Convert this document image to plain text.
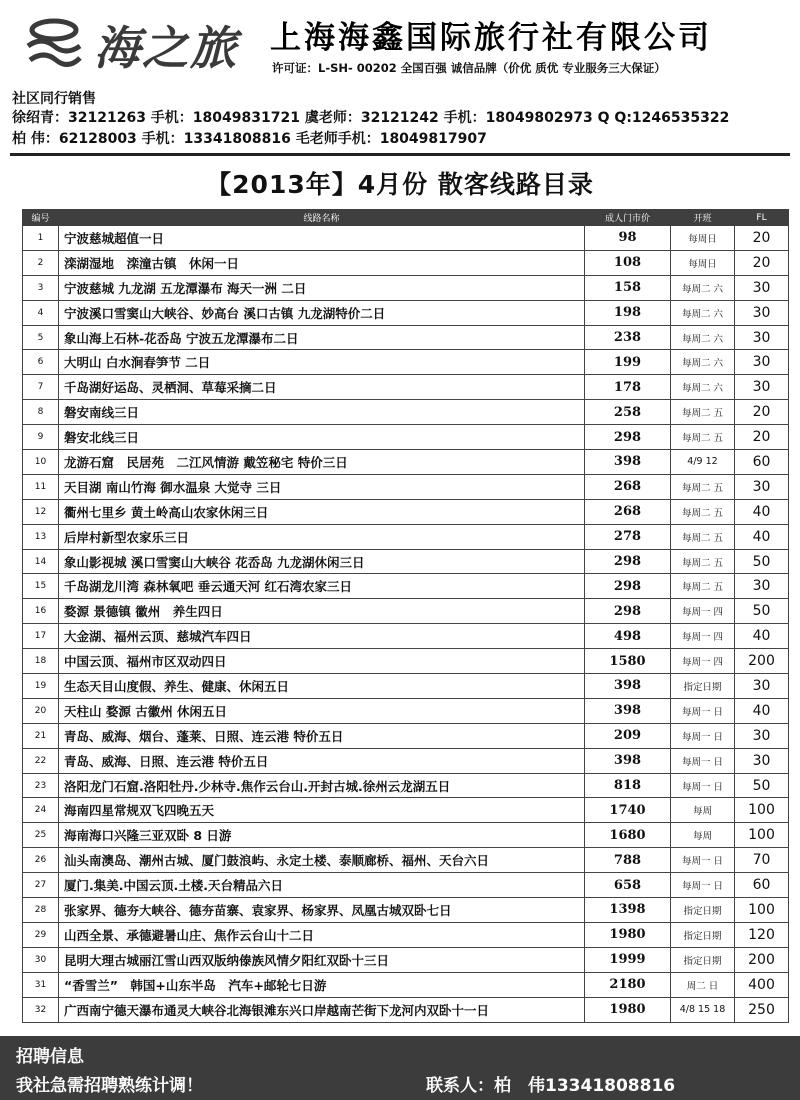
海之旅 上海海鑫国际旅行社有限公司
许可证：L-SH- 00202 全国百强 诚信品牌（价优 质优 专业服务三大保证）
社区同行销售
徐绍青：32121263 手机：18049831721 虞老师：32121242 手机：18049802973 Q Q:1246535322
柏 伟：62128003 手机：13341808816 毛老师手机：18049817907
【2013年】4月份 散客线路目录
编号	线路名称	成人门市价	开班	FL
1	宁波慈城超值一日	98	每周日	20
2	滦湖湿地　滦潼古镇　休闲一日	108	每周日	20
3	宁波慈城 九龙湖 五龙潭瀑布 海天一洲 二日	158	每周二 六	30
4	宁波溪口雪窦山大峡谷、妙高台 溪口古镇 九龙湖特价二日	198	每周二 六	30
5	象山海上石林-花岙岛 宁波五龙潭瀑布二日	238	每周二 六	30
6	大明山 白水涧春笋节 二日	199	每周二 六	30
7	千岛湖好运岛、灵栖洞、草莓采摘二日	178	每周二 六	30
8	磐安南线三日	258	每周二 五	20
9	磐安北线三日	298	每周二 五	20
10	龙游石窟　民居苑　二江风情游 戴笠秘宅 特价三日	398	4/9 12	60
11	天目湖 南山竹海 御水温泉 大觉寺 三日	268	每周二 五	30
12	衢州七里乡 黄土岭高山农家休闲三日	268	每周二 五	40
13	后岸村新型农家乐三日	278	每周二 五	40
14	象山影视城 溪口雪窦山大峡谷 花岙岛 九龙湖休闲三日	298	每周二 五	50
15	千岛湖龙川湾 森林氧吧 垂云通天河 红石湾农家三日	298	每周二 五	30
16	婺源 景德镇 徽州　养生四日	298	每周一 四	50
17	大金湖、福州云顶、慈城汽车四日	498	每周一 四	40
18	中国云顶、福州市区双动四日	1580	每周一 四	200
19	生态天目山度假、养生、健康、休闲五日	398	指定日期	30
20	天柱山 婺源 古徽州 休闲五日	398	每周一 日	40
21	青岛、威海、烟台、蓬莱、日照、连云港 特价五日	209	每周一 日	30
22	青岛、威海、日照、连云港 特价五日	398	每周一 日	30
23	洛阳龙门石窟.洛阳牡丹.少林寺.焦作云台山.开封古城.徐州云龙湖五日	818	每周一 日	50
24	海南四星常规双飞四晚五天	1740	每周	100
25	海南海口兴隆三亚双卧 8 日游	1680	每周	100
26	汕头南澳岛、潮州古城、厦门鼓浪屿、永定土楼、泰顺廊桥、福州、天台六日	788	每周一 日	70
27	厦门.集美.中国云顶.土楼.天台精品六日	658	每周一 日	60
28	张家界、德夯大峡谷、德夯苗寨、袁家界、杨家界、凤凰古城双卧七日	1398	指定日期	100
29	山西全景、承德避暑山庄、焦作云台山十二日	1980	指定日期	120
30	昆明大理古城丽江雪山西双版纳傣族风情夕阳红双卧十三日	1999	指定日期	200
31	“香雪兰”　韩国+山东半岛　汽车+邮轮七日游	2180	周二 日	400
32	广西南宁德天瀑布通灵大峡谷北海银滩东兴口岸越南芒街下龙河内双卧十一日	1980	4/8 15 18	250
招聘信息
我社急需招聘熟练计调！	联系人：柏　伟13341808816
